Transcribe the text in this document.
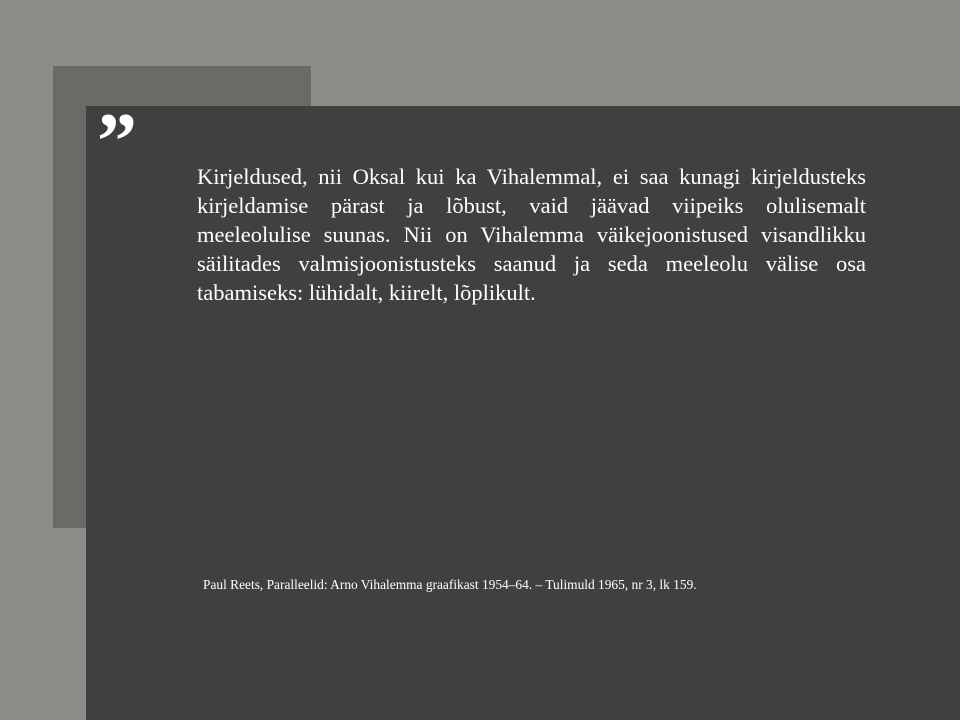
”	Kirjeldused, nii Oksal kui ka Vihalemmal, ei saa kunagi kirjeldusteks kirjeldamise pärast ja lõbust, vaid jäävad viipeiks olulisemalt meeleolulise suunas. Nii on Vihalemma väikejoonistused visandlikku säilitades valmisjoonistusteks saanud ja seda meeleolu välise osa tabamiseks: lühidalt, kiirelt, lõplikult.

Paul Reets, Paralleelid: Arno Vihalemma graafikast 1954–64. – Tulimuld 1965, nr 3, lk 159.
